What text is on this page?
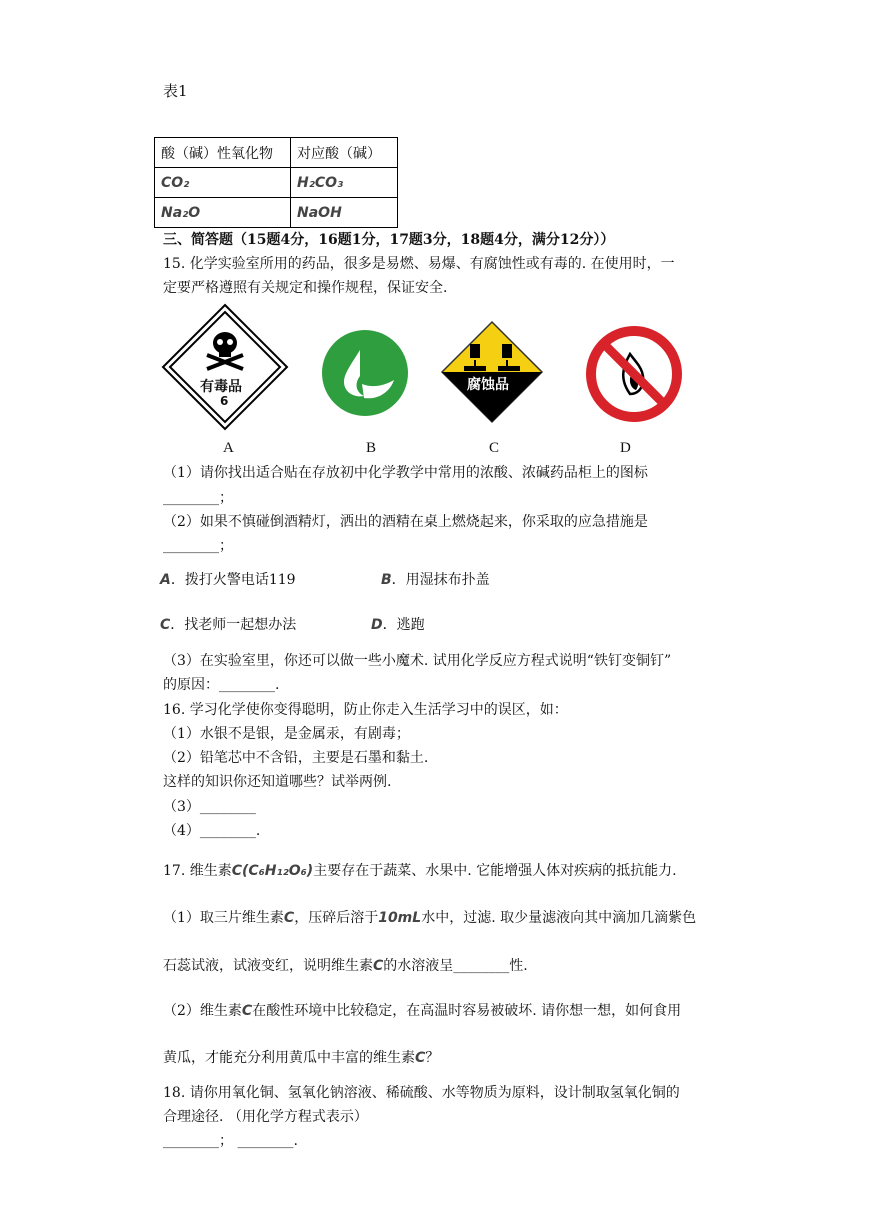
表1
酸（碱）性氧化物	对应酸（碱）
CO₂	H₂CO₃
Na₂O	NaOH
三、简答题（15题4分，16题1分，17题3分，18题4分，满分12分））
15. 化学实验室所用的药品，很多是易燃、易爆、有腐蚀性或有毒的. 在使用时，一
定要严格遵照有关规定和操作规程，保证安全.
有毒品
6
腐蚀品
A	B	C	D
（1）请你找出适合贴在存放初中化学教学中常用的浓酸、浓碱药品柜上的图标
________；
（2）如果不慎碰倒酒精灯，洒出的酒精在桌上燃烧起来，你采取的应急措施是
________；
A．拨打火警电话119	B．用湿抹布扑盖
C．找老师一起想办法	D．逃跑
（3）在实验室里，你还可以做一些小魔术. 试用化学反应方程式说明“铁钉变铜钉”
的原因：________.
16. 学习化学使你变得聪明，防止你走入生活学习中的误区，如：
（1）水银不是银，是金属汞，有剧毒；
（2）铅笔芯中不含铅，主要是石墨和黏土.
这样的知识你还知道哪些？试举两例.
（3）________
（4）________.
17. 维生素C(C₆H₁₂O₆)主要存在于蔬菜、水果中. 它能增强人体对疾病的抵抗能力.
（1）取三片维生素C，压碎后溶于10mL水中，过滤. 取少量滤液向其中滴加几滴紫色
石蕊试液，试液变红，说明维生素C的水溶液呈________性.
（2）维生素C在酸性环境中比较稳定，在高温时容易被破坏. 请你想一想，如何食用
黄瓜，才能充分利用黄瓜中丰富的维生素C？
18. 请你用氧化铜、氢氧化钠溶液、稀硫酸、水等物质为原料，设计制取氢氧化铜的
合理途径. （用化学方程式表示）
________； ________.
